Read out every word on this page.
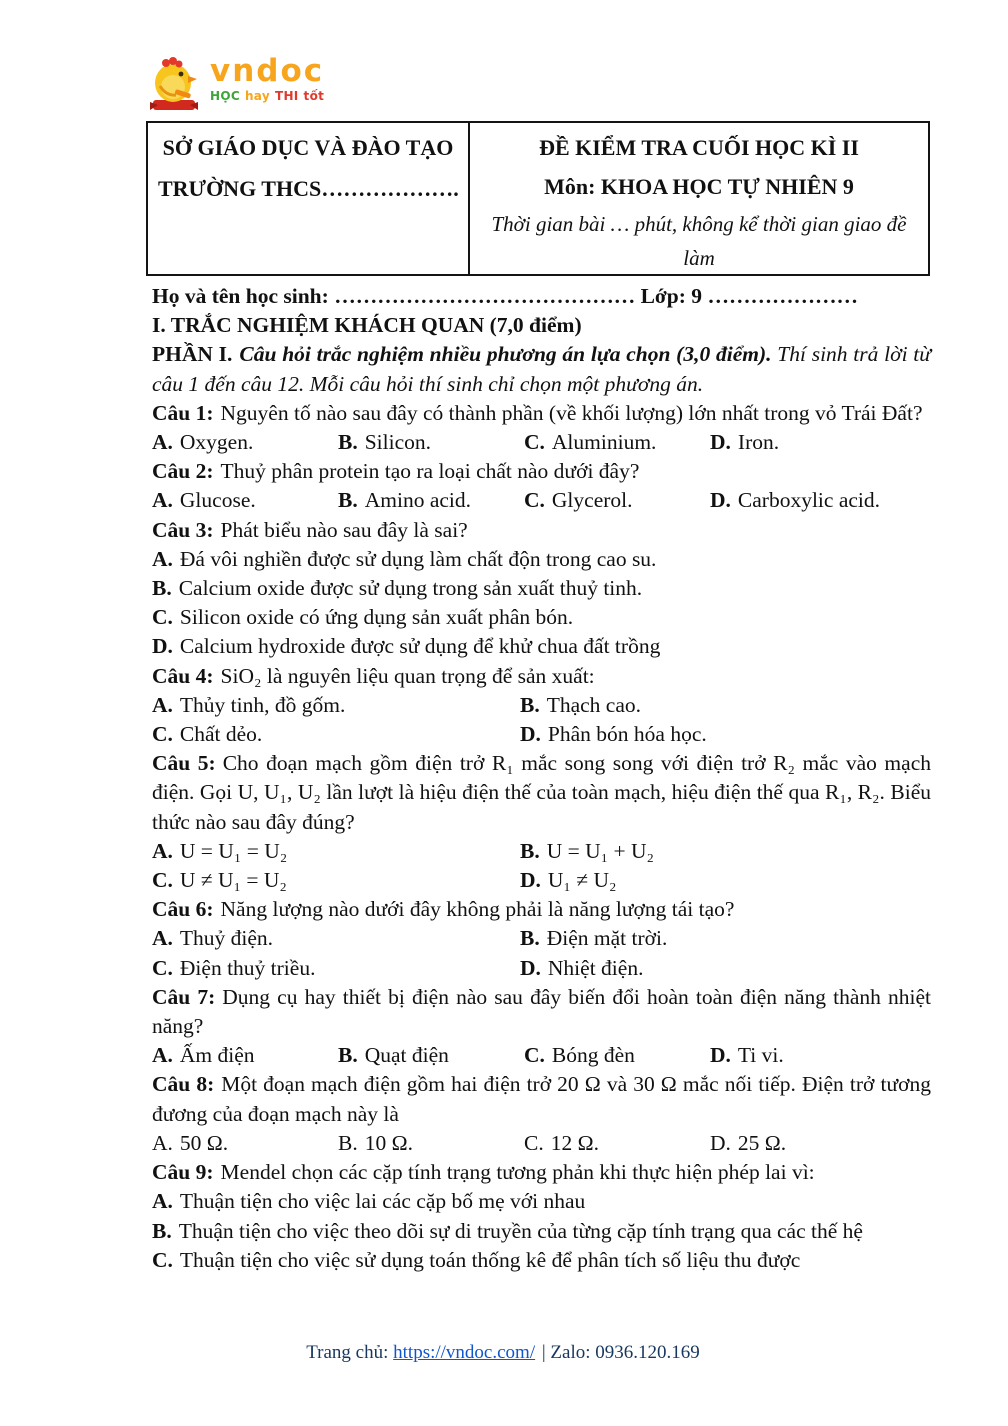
vndoc
HỌC hay THI tốt

SỞ GIÁO DỤC VÀ ĐÀO TẠO

TRƯỜNG THCS……………….

ĐỀ KIỂM TRA CUỐI HỌC KÌ II

Môn: KHOA HỌC TỰ NHIÊN 9

Thời gian bài … phút, không kể thời gian giao đề

làm

Họ và tên học sinh: …………………………………… Lớp: 9 …………………

I. TRẮC NGHIỆM KHÁCH QUAN (7,0 điểm)

PHẦN I. Câu hỏi trắc nghiệm nhiều phương án lựa chọn (3,0 điểm). Thí sinh trả lời từ câu 1 đến câu 12. Mỗi câu hỏi thí sinh chỉ chọn một phương án.

Câu 1: Nguyên tố nào sau đây có thành phần (về khối lượng) lớn nhất trong vỏ Trái Đất?

A. Oxygen.	B. Silicon.	C. Aluminium.	D. Iron.

Câu 2: Thuỷ phân protein tạo ra loại chất nào dưới đây?

A. Glucose.	B. Amino acid.	C. Glycerol.	D. Carboxylic acid.

Câu 3: Phát biểu nào sau đây là sai?

A. Đá vôi nghiền được sử dụng làm chất độn trong cao su.

B. Calcium oxide được sử dụng trong sản xuất thuỷ tinh.

C. Silicon oxide có ứng dụng sản xuất phân bón.

D. Calcium hydroxide được sử dụng để khử chua đất trồng

Câu 4: SiO₂ là nguyên liệu quan trọng để sản xuất:

A. Thủy tinh, đồ gốm.	B. Thạch cao.
C. Chất dẻo.	D. Phân bón hóa học.

Câu 5: Cho đoạn mạch gồm điện trở R₁ mắc song song với điện trở R₂ mắc vào mạch điện. Gọi U, U₁, U₂ lần lượt là hiệu điện thế của toàn mạch, hiệu điện thế qua R₁, R₂. Biểu thức nào sau đây đúng?

A. U = U₁ = U₂	B. U = U₁ + U₂
C. U ≠ U₁ = U₂	D. U₁ ≠ U₂

Câu 6: Năng lượng nào dưới đây không phải là năng lượng tái tạo?

A. Thuỷ điện.	B. Điện mặt trời.
C. Điện thuỷ triều.	D. Nhiệt điện.

Câu 7: Dụng cụ hay thiết bị điện nào sau đây biến đổi hoàn toàn điện năng thành nhiệt năng?

A. Ấm điện	B. Quạt điện	C. Bóng đèn	D. Ti vi.

Câu 8: Một đoạn mạch điện gồm hai điện trở 20 Ω và 30 Ω mắc nối tiếp. Điện trở tương đương của đoạn mạch này là

A. 50 Ω.	B. 10 Ω.	C. 12 Ω.	D. 25 Ω.

Câu 9: Mendel chọn các cặp tính trạng tương phản khi thực hiện phép lai vì:

A. Thuận tiện cho việc lai các cặp bố mẹ với nhau

B. Thuận tiện cho việc theo dõi sự di truyền của từng cặp tính trạng qua các thế hệ

C. Thuận tiện cho việc sử dụng toán thống kê để phân tích số liệu thu được

Trang chủ: https://vndoc.com/ | Zalo: 0936.120.169
